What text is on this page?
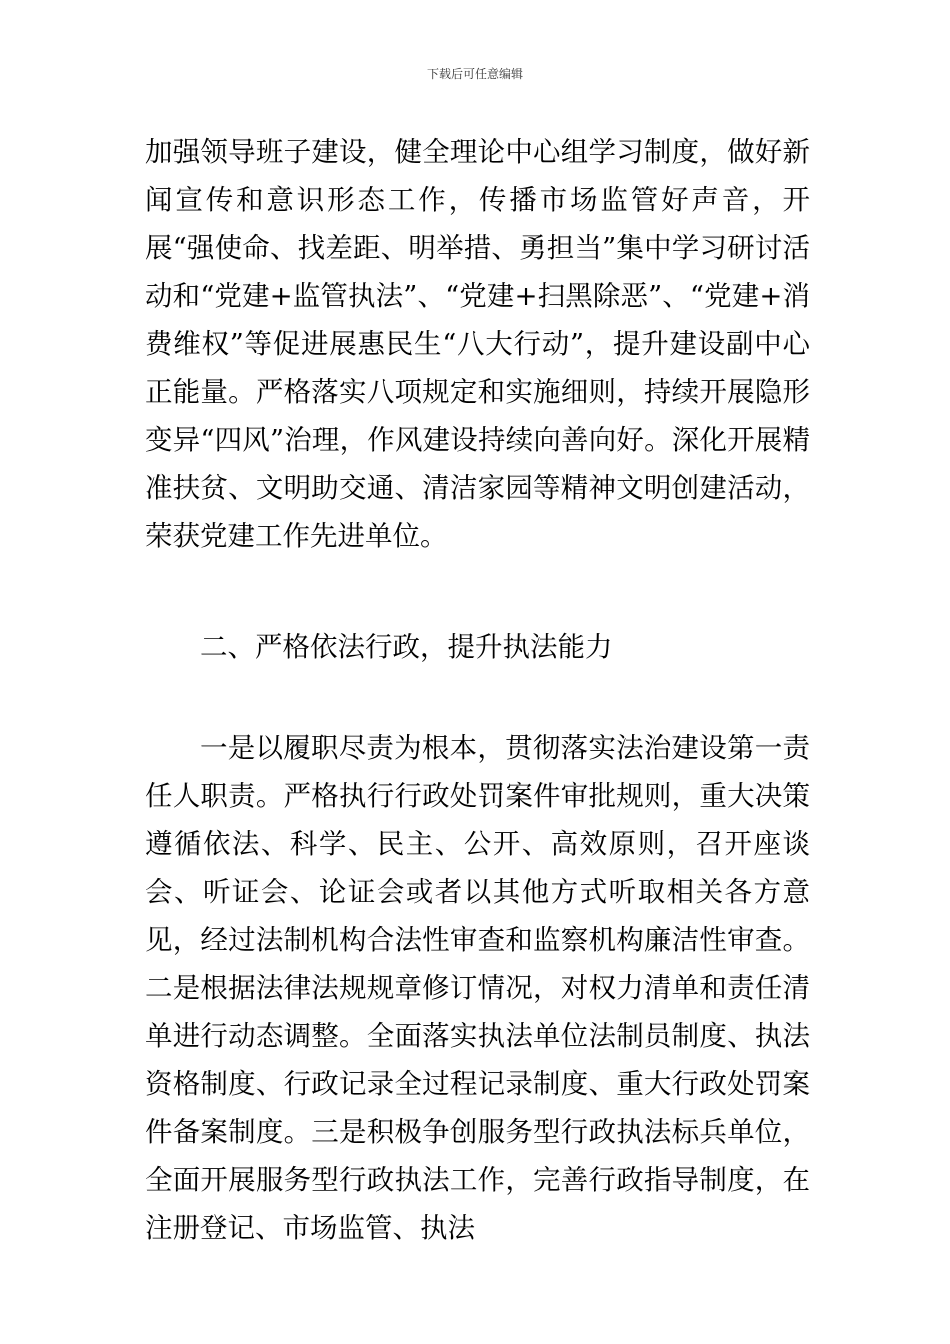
下载后可任意编辑

加强领导班子建设，健全理论中心组学习制度，做好新闻宣传和意识形态工作，传播市场监管好声音，开展“强使命、找差距、明举措、勇担当”集中学习研讨活动和“党建+监管执法”、“党建+扫黑除恶”、“党建+消费维权”等促进展惠民生“八大行动”，提升建设副中心正能量。严格落实八项规定和实施细则，持续开展隐形变异“四风”治理，作风建设持续向善向好。深化开展精准扶贫、文明助交通、清洁家园等精神文明创建活动，荣获党建工作先进单位。

二、严格依法行政，提升执法能力

一是以履职尽责为根本，贯彻落实法治建设第一责任人职责。严格执行行政处罚案件审批规则，重大决策遵循依法、科学、民主、公开、高效原则，召开座谈会、听证会、论证会或者以其他方式听取相关各方意见，经过法制机构合法性审查和监察机构廉洁性审查。二是根据法律法规规章修订情况，对权力清单和责任清单进行动态调整。全面落实执法单位法制员制度、执法资格制度、行政记录全过程记录制度、重大行政处罚案件备案制度。三是积极争创服务型行政执法标兵单位，全面开展服务型行政执法工作，完善行政指导制度，在注册登记、市场监管、执法
